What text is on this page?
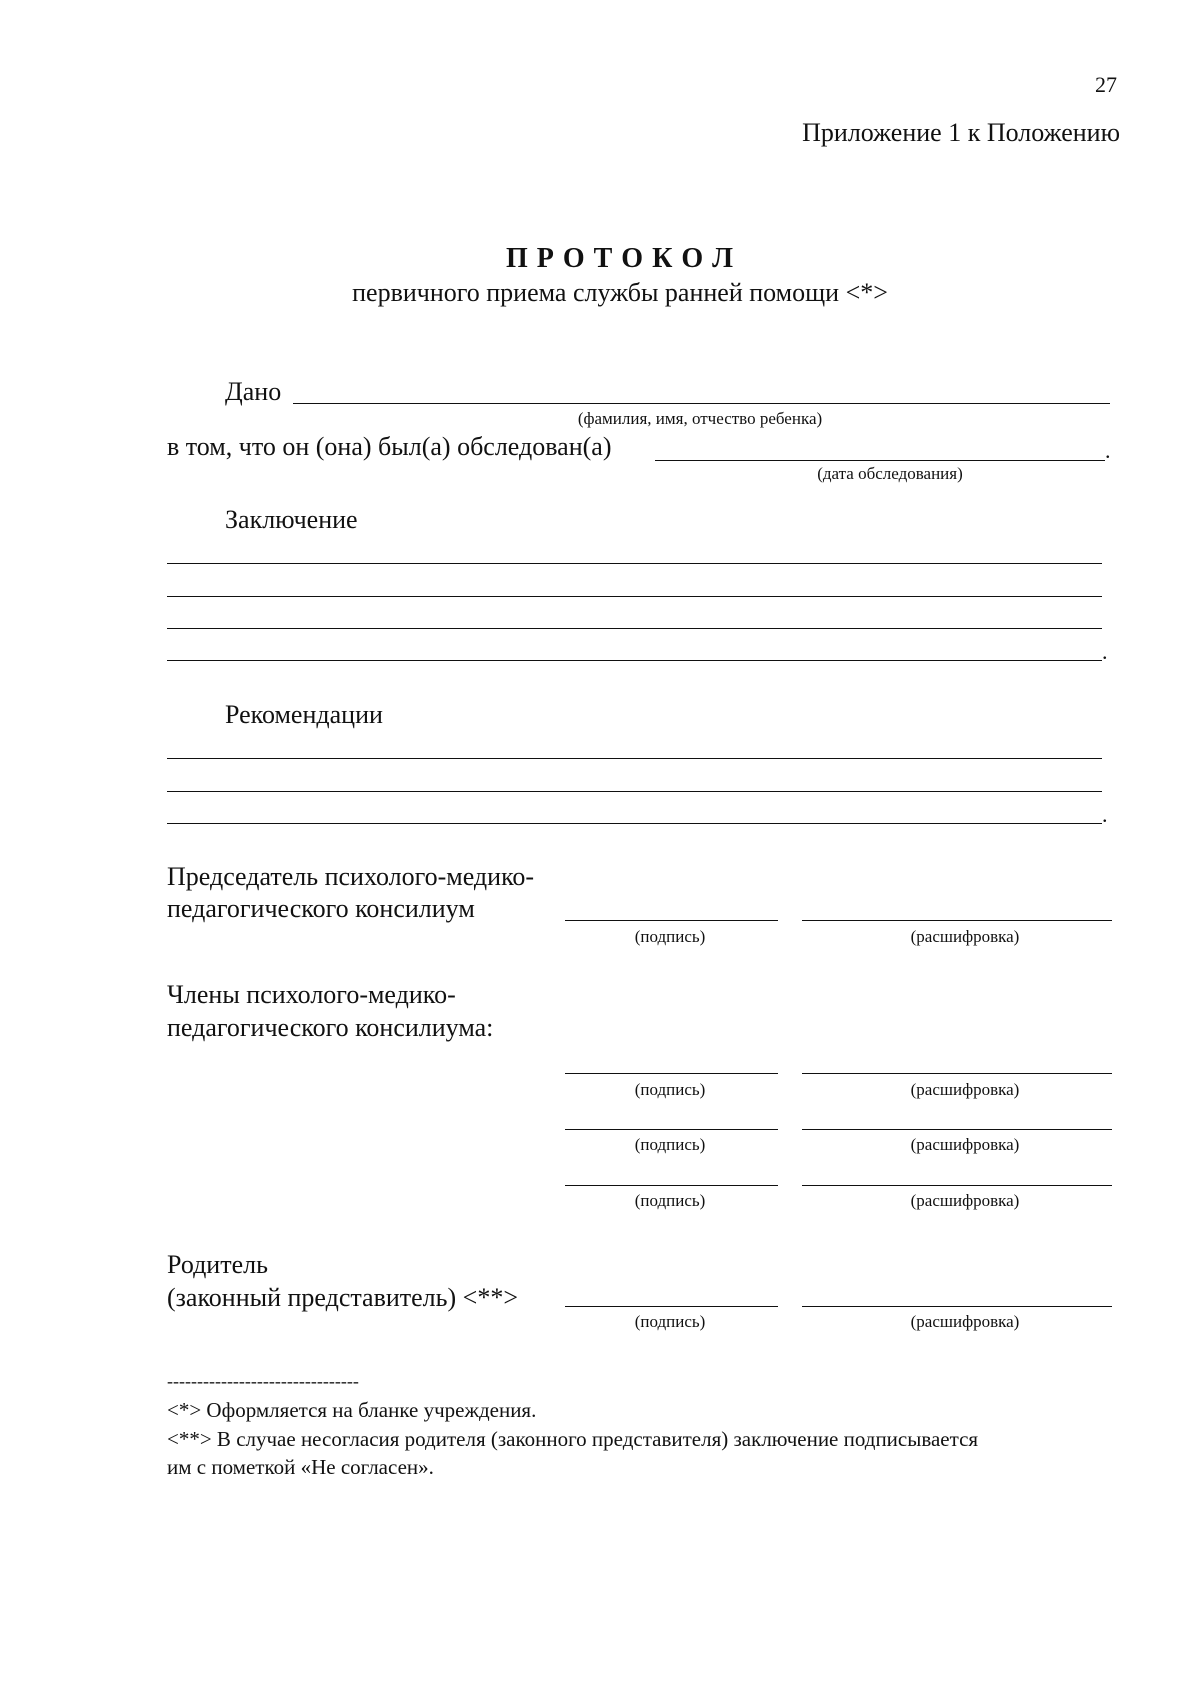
27
Приложение 1 к Положению
П Р О Т О К О Л
первичного приема службы ранней помощи <*>
Дано
(фамилия, имя, отчество ребенка)
в том, что он (она) был(а) обследован(а)	.
(дата обследования)
Заключение
.
Рекомендации
.
Председатель психолого-медико-
педагогического консилиум
(подпись)	(расшифровка)
Члены психолого-медико-
педагогического консилиума:
(подпись)	(расшифровка)
(подпись)	(расшифровка)
(подпись)	(расшифровка)
Родитель
(законный представитель) <**>
(подпись)	(расшифровка)
--------------------------------
<*> Оформляется на бланке учреждения.
<**> В случае несогласия родителя (законного представителя) заключение подписывается
им с пометкой «Не согласен».
